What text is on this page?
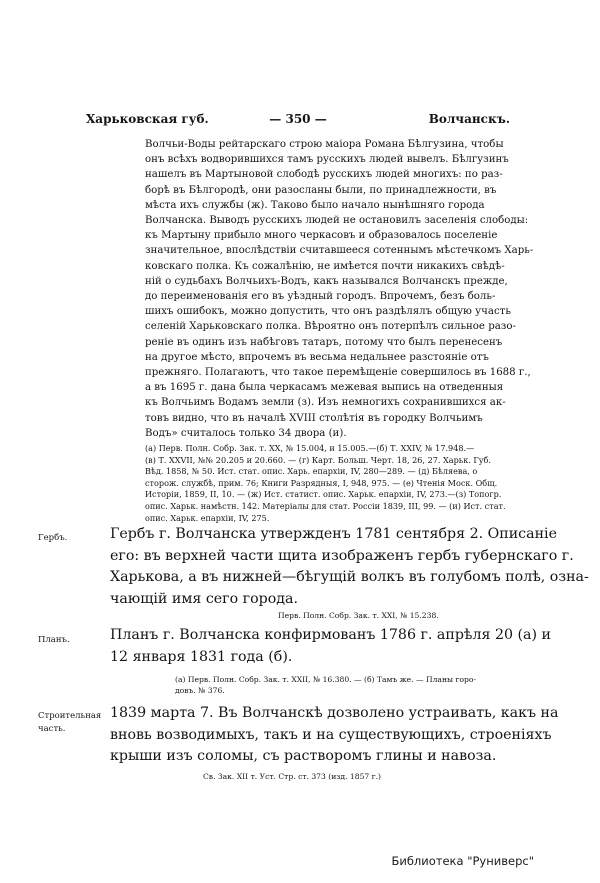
Харьковская губ.	— 350 —	Волчанскъ.
Волчьи-Воды рейтарскаго строю маіора Романа Бѣлгузина, чтобы
онъ всѣхъ водворившихся тамъ русскихъ людей вывелъ. Бѣлгузинъ
нашелъ въ Мартыновой слободѣ русскихъ людей многихъ: по раз-
борѣ въ Бѣлгородѣ, они разосланы были, по принадлежности, въ
мѣста ихъ службы (ж). Таково было начало нынѣшняго города
Волчанска. Выводъ русскихъ людей не остановилъ заселенія слободы:
къ Мартыну прибыло много черкасовъ и образовалось поселеніе
значительное, впослѣдствіи считавшееся сотеннымъ мѣстечкомъ Харь-
ковскаго полка. Къ сожалѣнію, не имѣется почти никакихъ свѣдѣ-
ній о судьбахъ Волчьихъ-Водъ, какъ назывался Волчанскъ прежде,
до переименованія его въ уѣздный городъ. Впрочемъ, безъ боль-
шихъ ошибокъ, можно допустить, что онъ раздѣлялъ общую участь
селеній Харьковскаго полка. Вѣроятно онъ потерпѣлъ сильное разо-
реніе въ одинъ изъ набѣговъ татаръ, потому что былъ перенесенъ
на другое мѣсто, впрочемъ въ весьма недальнее разстояніе отъ
прежняго. Полагаютъ, что такое перемѣщеніе совершилось въ 1688 г.,
а въ 1695 г. дана была черкасамъ межевая выпись на отведенныя
къ Волчьимъ Водамъ земли (з). Изъ немногихъ сохранившихся ак-
товъ видно, что въ началѣ XVIII столѣтія въ городку Волчьимъ
Водъ» считалось только 34 двора (и).
(а) Перв. Полн. Собр. Зак. т. XX, № 15.004, и 15.005.—(б) Т. XXIV, № 17.948.—
(в) Т. XXVII, №№ 20.205 и 20.660. — (г) Карт. Больш. Черт. 18, 26, 27. Харьк. Губ.
Вѣд. 1858, № 50. Ист. стат. опис. Харь. епархіи, IV, 280—289. — (д) Бѣляева, о
сторож. службѣ, прим. 76; Книги Разрядныя, I, 948, 975. — (е) Чтенія Моск. Общ.
Исторіи, 1859, II, 10. — (ж) Ист. статист. опис. Харьк. епархіи, IV, 273.—(з) Топогр.
опис. Харьк. намѣстн. 142. Матеріалы для стат. Россіи 1839, III, 99. — (и) Ист. стат.
опис. Харьк. епархіи, IV, 275.
Гербъ.	Гербъ г. Волчанска утвержденъ 1781 сентября 2. Описаніе
его: въ верхней части щита изображенъ гербъ губернскаго г.
Харькова, а въ нижней—бѣгущій волкъ въ голубомъ полѣ, озна-
чающій имя сего города.
Перв. Полн. Собр. Зак. т. XXI, № 15.238.
Планъ.	Планъ г. Волчанска конфирмованъ 1786 г. апрѣля 20 (а) и
12 января 1831 года (б).
(а) Перв. Полн. Собр. Зак. т. XXII, № 16.380. — (б) Тамъ же. — Планы горо-
довъ. № 376.
Строительная
часть.
1839 марта 7. Въ Волчанскѣ дозволено устраивать, какъ на
вновь возводимыхъ, такъ и на существующихъ, строеніяхъ
крыши изъ соломы, съ растворомъ глины и навоза.
Св. Зак. XII т. Уст. Стр. ст. 373 (изд. 1857 г.)
Библиотека "Руниверс"
